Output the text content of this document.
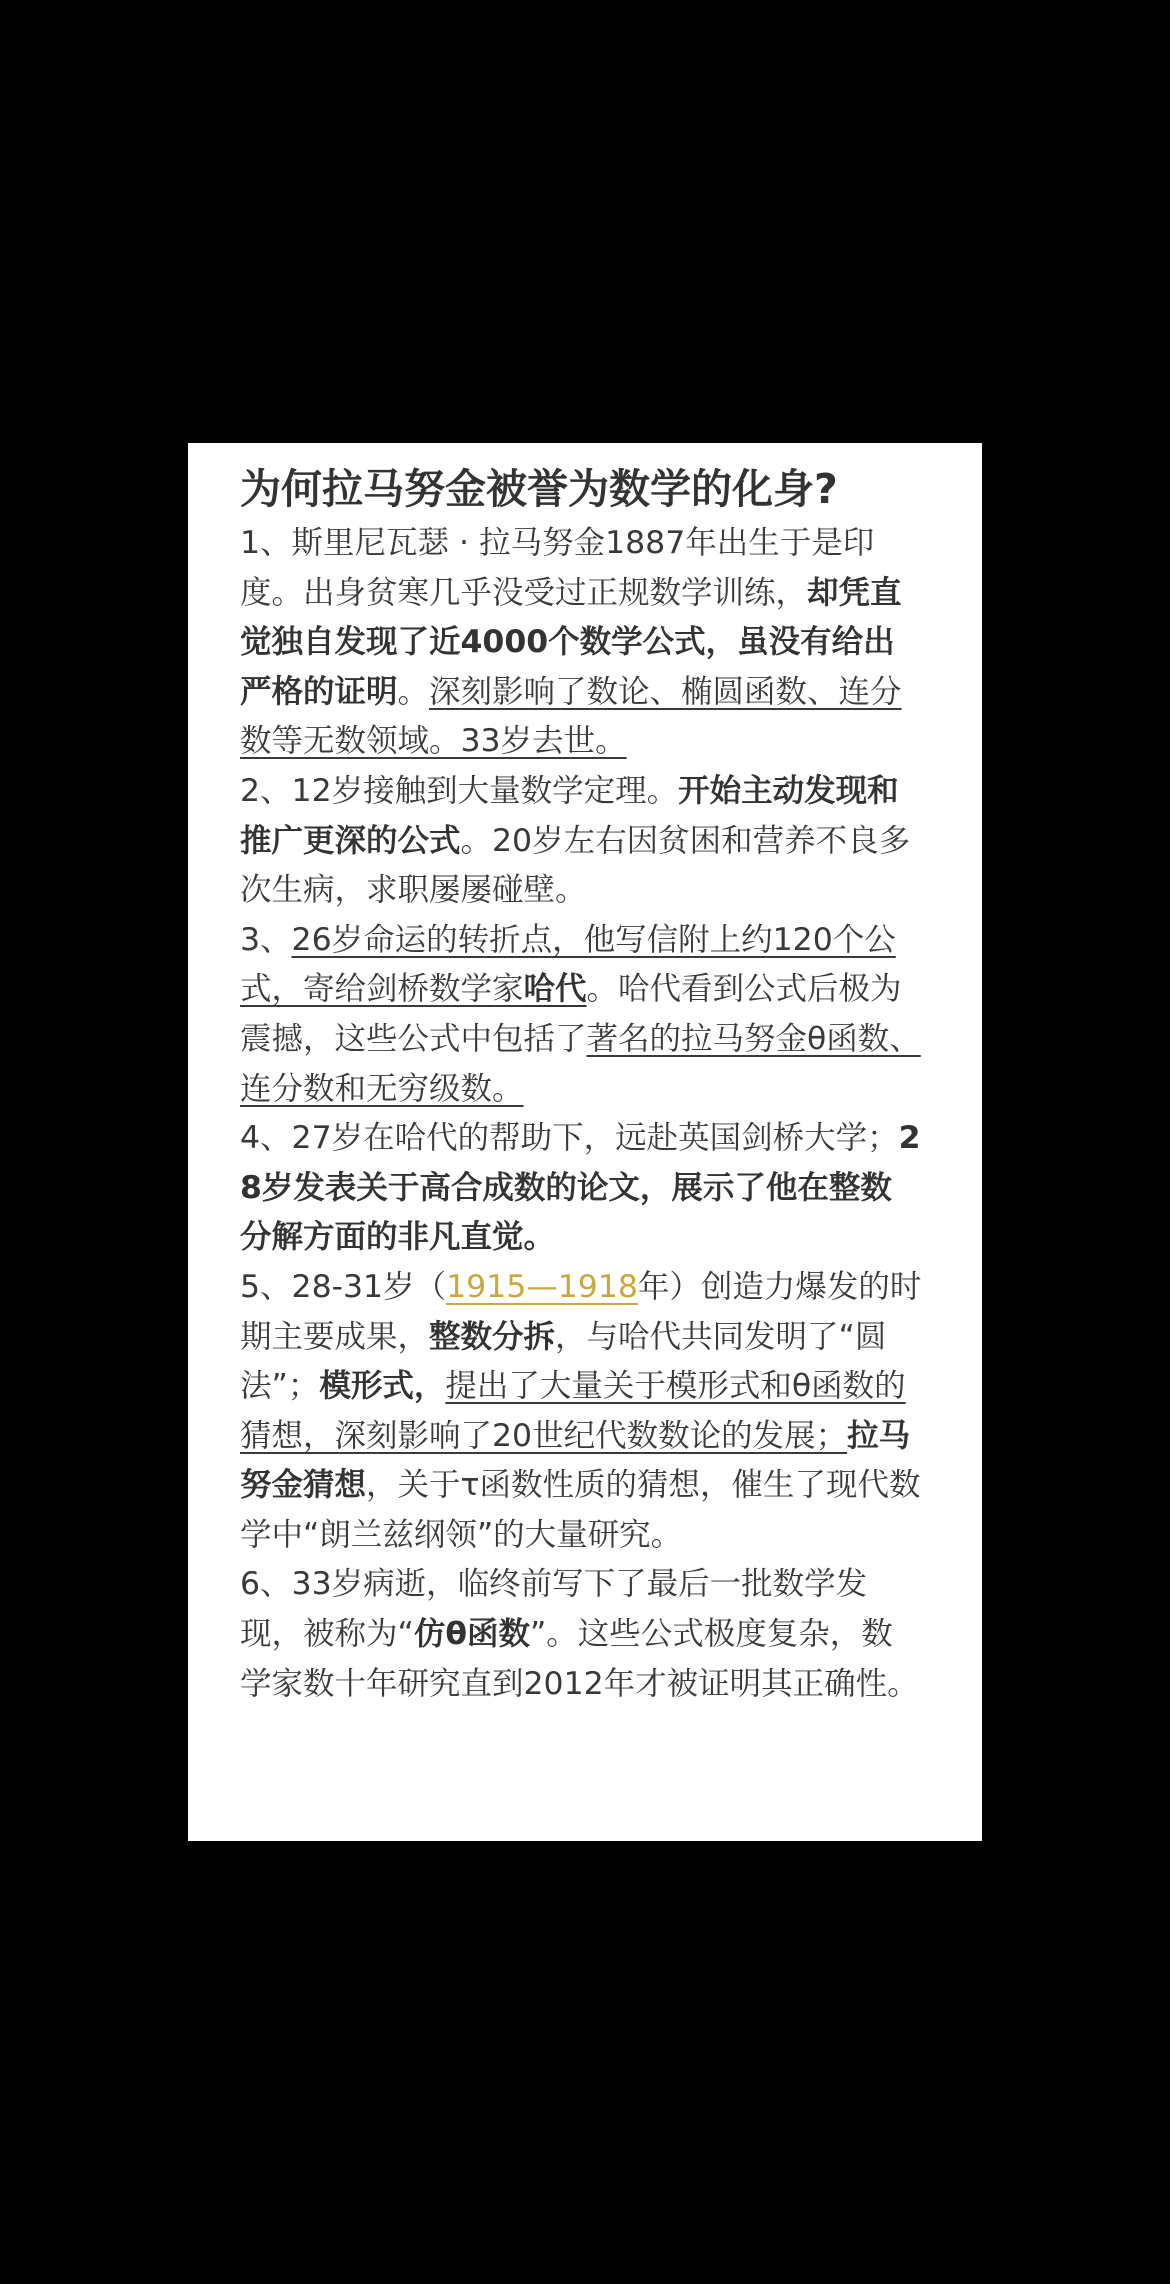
为何拉马努金被誉为数学的化身?

1、斯里尼瓦瑟 · 拉马努金1887年出生于是印度。出身贫寒几乎没受过正规数学训练，却凭直觉独自发现了近4000个数学公式，虽没有给出严格的证明。深刻影响了数论、椭圆函数、连分数等无数领域。33岁去世。

2、12岁接触到大量数学定理。开始主动发现和推广更深的公式。20岁左右因贫困和营养不良多次生病，求职屡屡碰壁。

3、26岁命运的转折点，他写信附上约120个公式，寄给剑桥数学家哈代。哈代看到公式后极为震撼，这些公式中包括了著名的拉马努金θ函数、连分数和无穷级数。

4、27岁在哈代的帮助下，远赴英国剑桥大学；28岁发表关于高合成数的论文，展示了他在整数分解方面的非凡直觉。

5、28-31岁（1915—1918年）创造力爆发的时期主要成果，整数分拆，与哈代共同发明了“圆法”；模形式，提出了大量关于模形式和θ函数的猜想，深刻影响了20世纪代数数论的发展；拉马努金猜想，关于τ函数性质的猜想，催生了现代数学中“朗兰兹纲领”的大量研究。

6、33岁病逝，临终前写下了最后一批数学发现，被称为“仿θ函数”。这些公式极度复杂，数学家数十年研究直到2012年才被证明其正确性。
